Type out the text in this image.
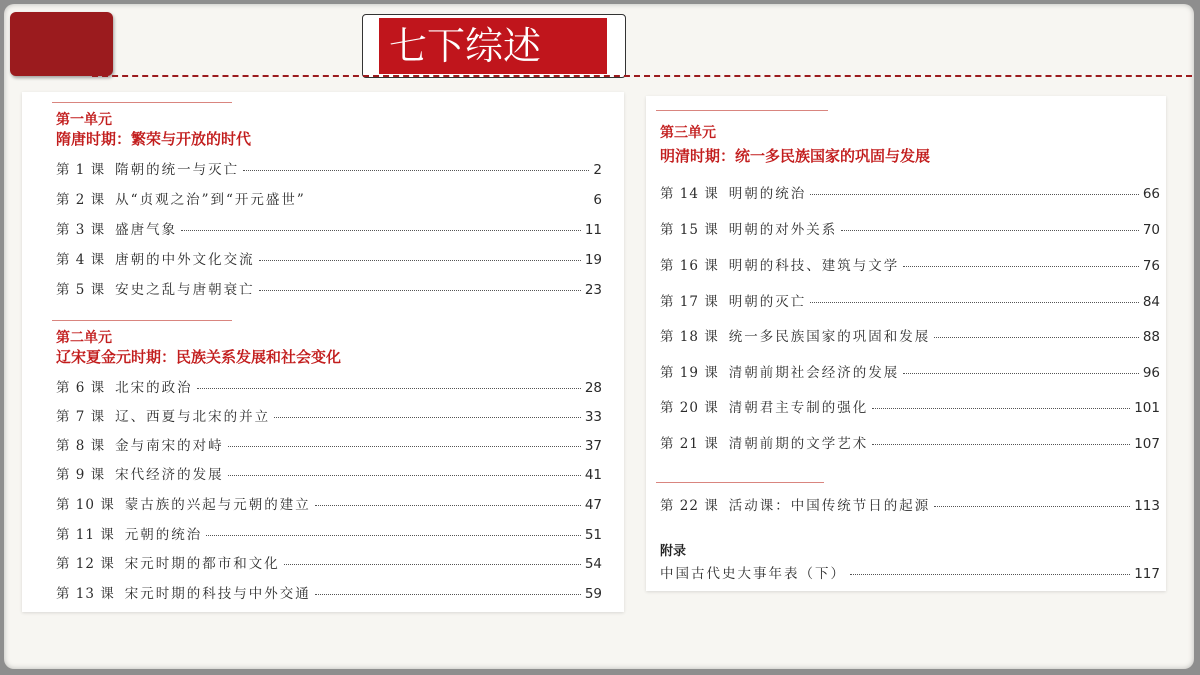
七下综述
第一单元
隋唐时期：繁荣与开放的时代
第 1 课 隋朝的统一与灭亡	2
第 2 课 从“贞观之治”到“开元盛世”	6
第 3 课 盛唐气象	11
第 4 课 唐朝的中外文化交流	19
第 5 课 安史之乱与唐朝衰亡	23
第二单元
辽宋夏金元时期：民族关系发展和社会变化
第 6 课 北宋的政治	28
第 7 课 辽、西夏与北宋的并立	33
第 8 课 金与南宋的对峙	37
第 9 课 宋代经济的发展	41
第 10 课 蒙古族的兴起与元朝的建立	47
第 11 课 元朝的统治	51
第 12 课 宋元时期的都市和文化	54
第 13 课 宋元时期的科技与中外交通	59
第三单元
明清时期：统一多民族国家的巩固与发展
第 14 课 明朝的统治	66
第 15 课 明朝的对外关系	70
第 16 课 明朝的科技、建筑与文学	76
第 17 课 明朝的灭亡	84
第 18 课 统一多民族国家的巩固和发展	88
第 19 课 清朝前期社会经济的发展	96
第 20 课 清朝君主专制的强化	101
第 21 课 清朝前期的文学艺术	107
第 22 课 活动课：中国传统节日的起源	113
附录
中国古代史大事年表（下）	117
